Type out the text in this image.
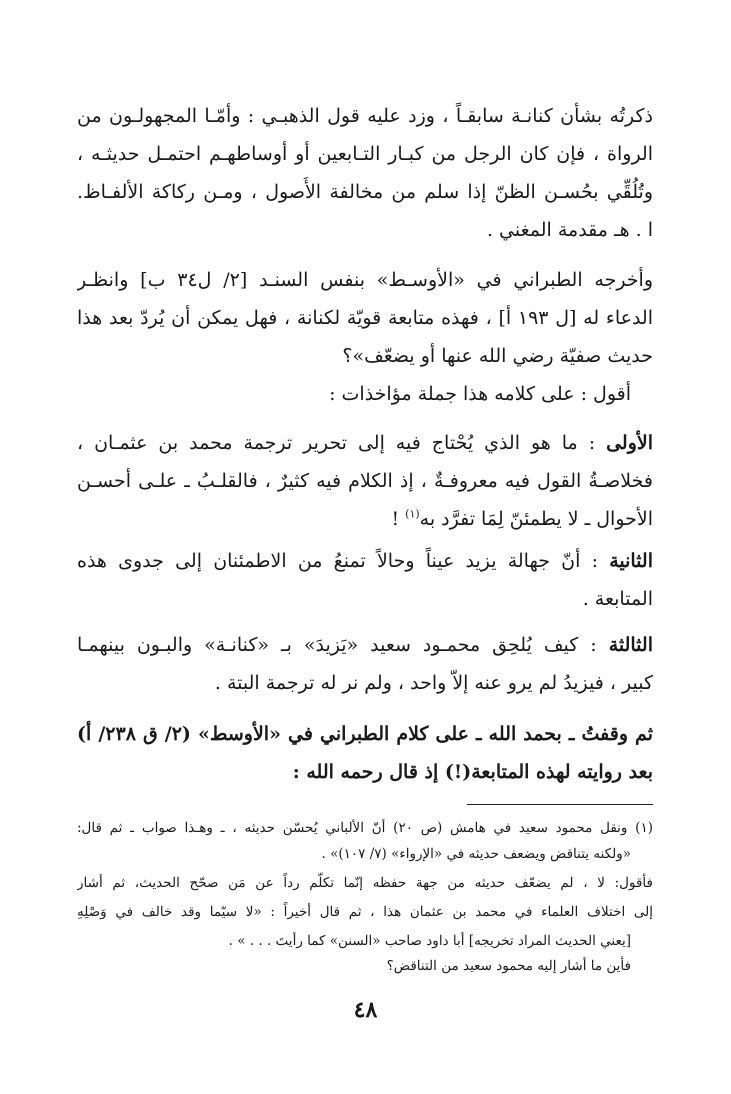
ذكرتُه بشأن كنانـة سابقـاً ، وزد عليه قول الذهبـي : وأمّـا المجهولـون من
الرواة ، فإن كان الرجل من كبـار التـابعين أو أوساطهـم احتمـل حديثـه ،
وتُلُقِّي بحُسـن الظنّ إذا سلم من مخالفة الأُصول ، ومـن ركاكة الألفـاظ.
ا . هـ مقدمة المغني .
وأخرجه الطبراني في «الأوسـط» بنفس السنـد [٢/ ل٣٤ ب] وانظـر
الدعاء له [ل ١٩٣ أ] ، فهذه متابعة قويّة لكنانة ، فهل يمكن أن يُردّ بعد هذا
حديث صفيّة رضي الله عنها أو يضعّف»؟
أقول : على كلامه هذا جملة مؤاخذات :
الأولى : ما هو الذي يُحْتاج فيه إلى تحرير ترجمة محمد بن عثمـان ،
فخلاصـةُ القول فيه معروفـةٌ ، إذ الكلام فيه كثيرٌ ، فالقلـبُ ـ علـى أحسـن
الأحوال ـ لا يطمئنّ لِمَا تفرَّد به$^{(١)}$ !
الثانية : أنّ جهالة يزيد عيناً وحالاً تمنعُ من الاطمئنان إلى جدوى هذه
المتابعة .
الثالثة : كيف يُلحِق محمـود سعيد «يَزيدَ» بـ «كنانـة» والبـون بينهمـا
كبير ، فيزيدُ لم يرو عنه إلاّ واحد ، ولم نر له ترجمة البتة .
ثم وقفتُ ـ بحمد الله ـ على كلام الطبراني في «الأوسط» (٢/ ق ٢٣٨/ أ)
بعد روايته لهذه المتابعة(!) إذ قال رحمه الله :
(١) ونقل محمود سعيد في هامش (ص ٢٠) أنّ الألباني يُحسّن حديثه ، ـ وهـذا صواب ـ ثم قال:
«ولكنه يتناقض ويضعف حديثه في «الإرواء» (٧/ ١٠٧)» .
فأقول: لا ، لم يضعّف حديثه من جهة حفظه إنّما تكلّم رداً عن مَن صحّح الحديث، ثم أشار
إلى اختلاف العلماء في محمد بن عثمان هذا ، ثم قال أخيراً : «لا سيّما وقد خالف في وَصْلِهِ
[يعني الحديث المراد تخريجه] أبا داود صاحب «السنن» كما رأيتَ . . . » .
فأين ما أشار إليه محمود سعيد من التناقض؟
٤٨
